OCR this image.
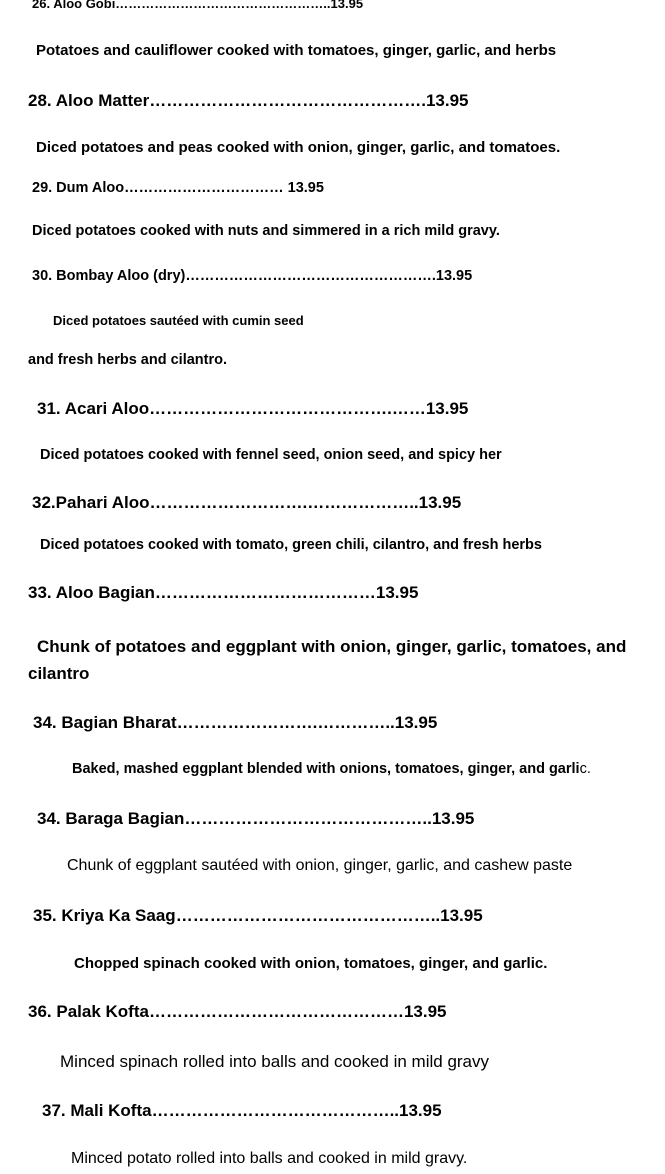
26. Aloo Gobi…………………………………………..13.95
Potatoes and cauliflower cooked with tomatoes, ginger, garlic, and herbs
28. Aloo Matter………………………………………….13.95
Diced potatoes and peas cooked with onion, ginger, garlic, and tomatoes.
29. Dum Aloo…………………………… 13.95
Diced potatoes cooked with nuts and simmered in a rich mild gravy.
30. Bombay Aloo (dry)…………………………………………….13.95
Diced potatoes sautéed with cumin seed
and fresh herbs and cilantro.
31. Acari Aloo…………………………………….……13.95
Diced potatoes cooked with fennel seed, onion seed, and spicy her
32.Pahari Aloo……………………….………………..13.95
Diced potatoes cooked with tomato, green chili, cilantro, and fresh herbs
33. Aloo Bagian…………………………………13.95
Chunk of potatoes and eggplant with onion, ginger, garlic, tomatoes, and cilantro
34. Bagian Bharat…………………….…………..13.95
Baked, mashed eggplant blended with onions, tomatoes, ginger, and garlic.
34. Baraga Bagian……………………………………..13.95
Chunk of eggplant sautéed with onion, ginger, garlic, and cashew paste
35. Kriya Ka Saag………………………………………..13.95
Chopped spinach cooked with onion, tomatoes, ginger, and garlic.
36. Palak Kofta………………………………………13.95
Minced spinach rolled into balls and cooked in mild gravy
37. Mali Kofta……………………………………..13.95
Minced potato rolled into balls and cooked in mild gravy.
